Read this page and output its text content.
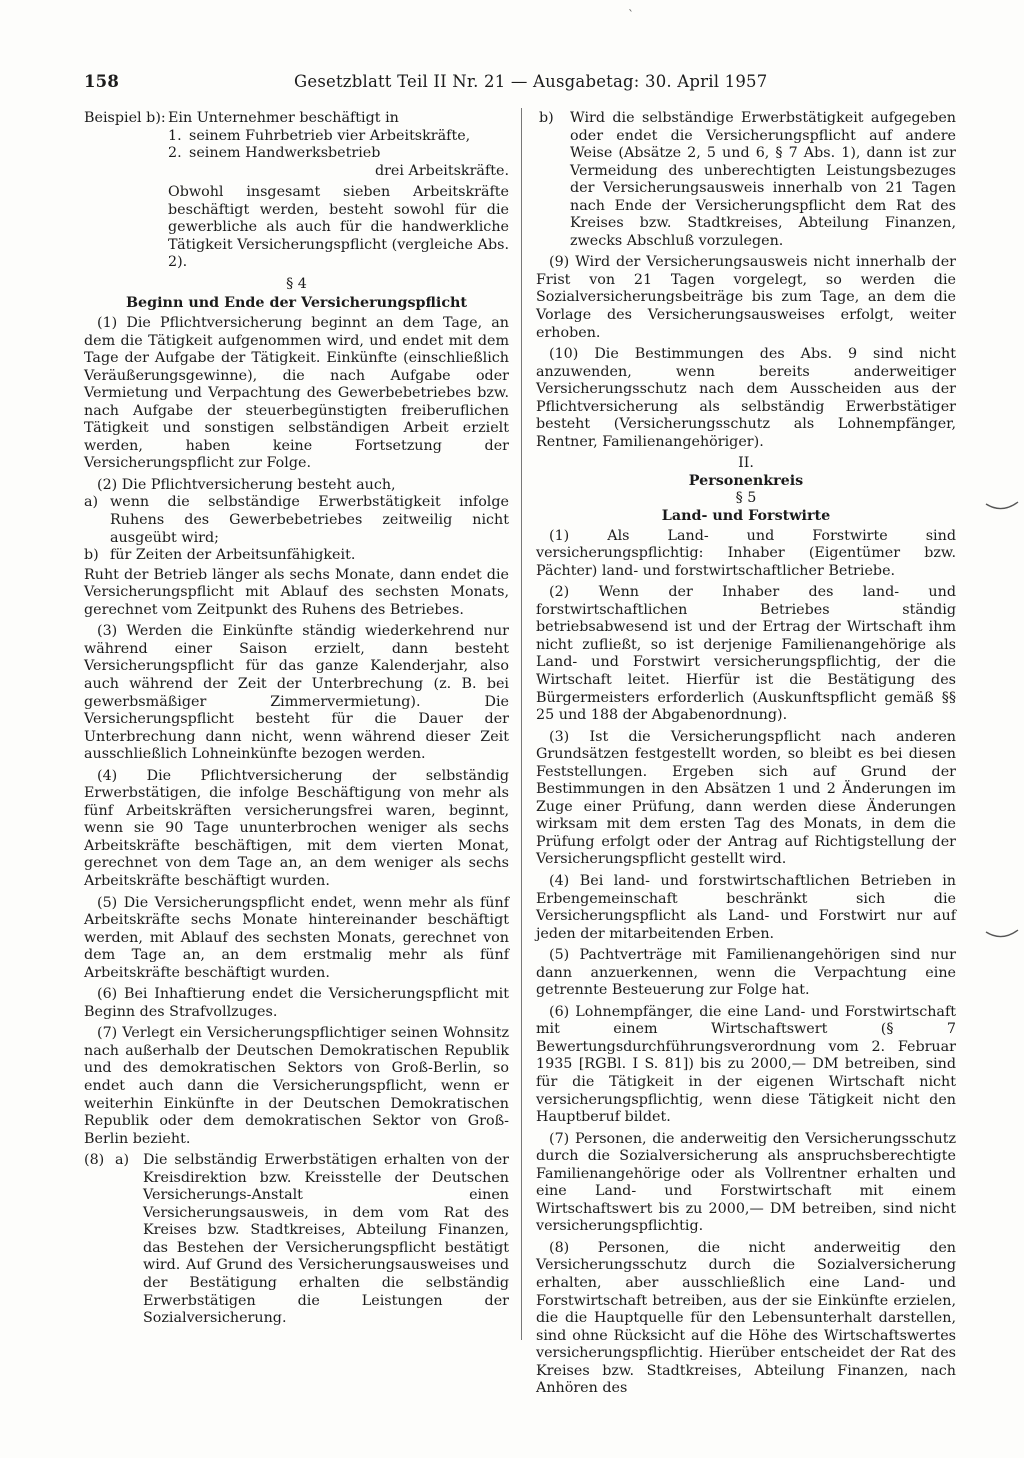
ˋ
158	Gesetzblatt Teil II Nr. 21 — Ausgabetag: 30. April 1957
Beispiel b): Ein Unternehmer beschäftigt in
1. seinem Fuhrbetrieb vier Arbeitskräfte,
2. seinem Handwerksbetrieb

drei Arbeitskräfte.

Obwohl insgesamt sieben Arbeitskräfte beschäftigt werden, besteht sowohl für die gewerbliche als auch für die handwerkliche Tätigkeit Versicherungspflicht (vergleiche Abs. 2).

§ 4

Beginn und Ende der Versicherungspflicht

(1) Die Pflichtversicherung beginnt an dem Tage, an dem die Tätigkeit aufgenommen wird, und endet mit dem Tage der Aufgabe der Tätigkeit. Einkünfte (einschließlich Veräußerungsgewinne), die nach Aufgabe oder Vermietung und Verpachtung des Gewerbebetriebes bzw. nach Aufgabe der steuerbegünstigten freiberuflichen Tätigkeit und sonstigen selbständigen Arbeit erzielt werden, haben keine Fortsetzung der Versicherungspflicht zur Folge.

(2) Die Pflichtversicherung besteht auch,

a) wenn die selbständige Erwerbstätigkeit infolge Ruhens des Gewerbebetriebes zeitweilig nicht ausgeübt wird;
b) für Zeiten der Arbeitsunfähigkeit.

Ruht der Betrieb länger als sechs Monate, dann endet die Versicherungspflicht mit Ablauf des sechsten Monats, gerechnet vom Zeitpunkt des Ruhens des Betriebes.

(3) Werden die Einkünfte ständig wiederkehrend nur während einer Saison erzielt, dann besteht Versicherungspflicht für das ganze Kalenderjahr, also auch während der Zeit der Unterbrechung (z. B. bei gewerbsmäßiger Zimmervermietung). Die Versicherungspflicht besteht für die Dauer der Unterbrechung dann nicht, wenn während dieser Zeit ausschließlich Lohneinkünfte bezogen werden.

(4) Die Pflichtversicherung der selbständig Erwerbstätigen, die infolge Beschäftigung von mehr als fünf Arbeitskräften versicherungsfrei waren, beginnt, wenn sie 90 Tage ununterbrochen weniger als sechs Arbeitskräfte beschäftigen, mit dem vierten Monat, gerechnet von dem Tage an, an dem weniger als sechs Arbeitskräfte beschäftigt wurden.

(5) Die Versicherungspflicht endet, wenn mehr als fünf Arbeitskräfte sechs Monate hintereinander beschäftigt werden, mit Ablauf des sechsten Monats, gerechnet von dem Tage an, an dem erstmalig mehr als fünf Arbeitskräfte beschäftigt wurden.

(6) Bei Inhaftierung endet die Versicherungspflicht mit Beginn des Strafvollzuges.

(7) Verlegt ein Versicherungspflichtiger seinen Wohnsitz nach außerhalb der Deutschen Demokratischen Republik und des demokratischen Sektors von Groß-Berlin, so endet auch dann die Versicherungspflicht, wenn er weiterhin Einkünfte in der Deutschen Demokratischen Republik oder dem demokratischen Sektor von Groß-Berlin bezieht.

(8) a) Die selbständig Erwerbstätigen erhalten von der Kreisdirektion bzw. Kreisstelle der Deutschen Versicherungs-Anstalt einen Versicherungsausweis, in dem vom Rat des Kreises bzw. Stadtkreises, Abteilung Finanzen, das Bestehen der Versicherungspflicht bestätigt wird. Auf Grund des Versicherungsausweises und der Bestätigung erhalten die selbständig Erwerbstätigen die Leistungen der Sozialversicherung.
b)	Wird die selbständige Erwerbstätigkeit aufgegeben oder endet die Versicherungspflicht auf andere Weise (Absätze 2, 5 und 6, § 7 Abs. 1), dann ist zur Vermeidung des unberechtigten Leistungsbezuges der Versicherungsausweis innerhalb von 21 Tagen nach Ende der Versicherungspflicht dem Rat des Kreises bzw. Stadtkreises, Abteilung Finanzen, zwecks Abschluß vorzulegen.

(9) Wird der Versicherungsausweis nicht innerhalb der Frist von 21 Tagen vorgelegt, so werden die Sozialversicherungsbeiträge bis zum Tage, an dem die Vorlage des Versicherungsausweises erfolgt, weiter erhoben.

(10) Die Bestimmungen des Abs. 9 sind nicht anzuwenden, wenn bereits anderweitiger Versicherungsschutz nach dem Ausscheiden aus der Pflichtversicherung als selbständig Erwerbstätiger besteht (Versicherungsschutz als Lohnempfänger, Rentner, Familienangehöriger).

II.

Personenkreis

§ 5

Land- und Forstwirte

(1) Als Land- und Forstwirte sind versicherungspflichtig: Inhaber (Eigentümer bzw. Pächter) land- und forstwirtschaftlicher Betriebe.

(2) Wenn der Inhaber des land- und forstwirtschaftlichen Betriebes ständig betriebsabwesend ist und der Ertrag der Wirtschaft ihm nicht zufließt, so ist derjenige Familienangehörige als Land- und Forstwirt versicherungspflichtig, der die Wirtschaft leitet. Hierfür ist die Bestätigung des Bürgermeisters erforderlich (Auskunftspflicht gemäß §§ 25 und 188 der Abgabenordnung).

(3) Ist die Versicherungspflicht nach anderen Grundsätzen festgestellt worden, so bleibt es bei diesen Feststellungen. Ergeben sich auf Grund der Bestimmungen in den Absätzen 1 und 2 Änderungen im Zuge einer Prüfung, dann werden diese Änderungen wirksam mit dem ersten Tag des Monats, in dem die Prüfung erfolgt oder der Antrag auf Richtigstellung der Versicherungspflicht gestellt wird.

(4) Bei land- und forstwirtschaftlichen Betrieben in Erbengemeinschaft beschränkt sich die Versicherungspflicht als Land- und Forstwirt nur auf jeden der mitarbeitenden Erben.

(5) Pachtverträge mit Familienangehörigen sind nur dann anzuerkennen, wenn die Verpachtung eine getrennte Besteuerung zur Folge hat.

(6) Lohnempfänger, die eine Land- und Forstwirtschaft mit einem Wirtschaftswert (§ 7 Bewertungsdurchführungsverordnung vom 2. Februar 1935 [RGBl. I S. 81]) bis zu 2000,— DM betreiben, sind für die Tätigkeit in der eigenen Wirtschaft nicht versicherungspflichtig, wenn diese Tätigkeit nicht den Hauptberuf bildet.

(7) Personen, die anderweitig den Versicherungsschutz durch die Sozialversicherung als anspruchsberechtigte Familienangehörige oder als Vollrentner erhalten und eine Land- und Forstwirtschaft mit einem Wirtschaftswert bis zu 2000,— DM betreiben, sind nicht versicherungspflichtig.

(8) Personen, die nicht anderweitig den Versicherungsschutz durch die Sozialversicherung erhalten, aber ausschließlich eine Land- und Forstwirtschaft betreiben, aus der sie Einkünfte erzielen, die die Hauptquelle für den Lebensunterhalt darstellen, sind ohne Rücksicht auf die Höhe des Wirtschaftswertes versicherungspflichtig. Hierüber entscheidet der Rat des Kreises bzw. Stadtkreises, Abteilung Finanzen, nach Anhören des
